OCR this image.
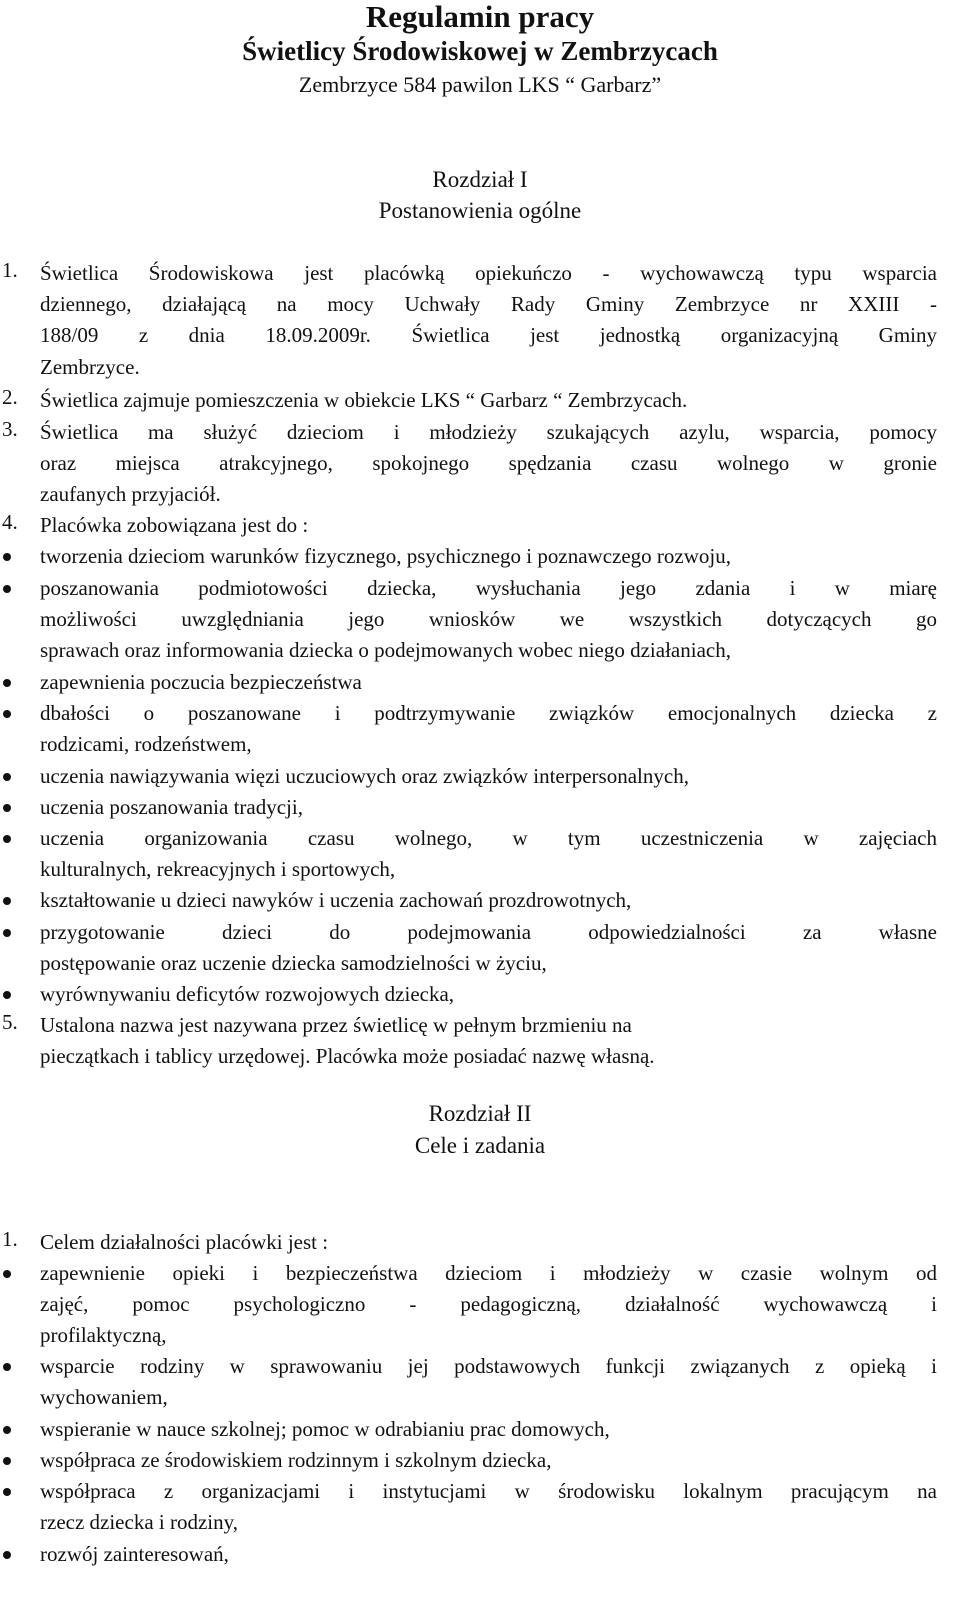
Regulamin pracy
Świetlicy Środowiskowej w Zembrzycach
Zembrzyce 584 pawilon LKS “ Garbarz”
Rozdział I
Postanowienia ogólne
1. Świetlica Środowiskowa jest placówką opiekuńczo - wychowawczą typu wsparcia
dziennego, działającą na mocy Uchwały Rady Gminy Zembrzyce nr XXIII -
188/09 z dnia 18.09.2009r. Świetlica jest jednostką organizacyjną Gminy
Zembrzyce.
2. Świetlica zajmuje pomieszczenia w obiekcie LKS “ Garbarz “ Zembrzycach.
3. Świetlica ma służyć dzieciom i młodzieży szukających azylu, wsparcia, pomocy
oraz miejsca atrakcyjnego, spokojnego spędzania czasu wolnego w gronie
zaufanych przyjaciół.
4. Placówka zobowiązana jest do :
tworzenia dzieciom warunków fizycznego, psychicznego i poznawczego rozwoju,
poszanowania podmiotowości dziecka, wysłuchania jego zdania i w miarę
możliwości uwzględniania jego wniosków we wszystkich dotyczących go
sprawach oraz informowania dziecka o podejmowanych wobec niego działaniach,
zapewnienia poczucia bezpieczeństwa
dbałości o poszanowane i podtrzymywanie związków emocjonalnych dziecka z
rodzicami, rodzeństwem,
uczenia nawiązywania więzi uczuciowych oraz związków interpersonalnych,
uczenia poszanowania tradycji,
uczenia organizowania czasu wolnego, w tym uczestniczenia w zajęciach
kulturalnych, rekreacyjnych i sportowych,
kształtowanie u dzieci nawyków i uczenia zachowań prozdrowotnych,
przygotowanie dzieci do podejmowania odpowiedzialności za własne
postępowanie oraz uczenie dziecka samodzielności w życiu,
wyrównywaniu deficytów rozwojowych dziecka,
5. Ustalona nazwa jest nazywana przez świetlicę w pełnym brzmieniu na
pieczątkach i tablicy urzędowej. Placówka może posiadać nazwę własną.
Rozdział II
Cele i zadania
1. Celem działalności placówki jest :
zapewnienie opieki i bezpieczeństwa dzieciom i młodzieży w czasie wolnym od
zajęć, pomoc psychologiczno - pedagogiczną, działalność wychowawczą i
profilaktyczną,
wsparcie rodziny w sprawowaniu jej podstawowych funkcji związanych z opieką i
wychowaniem,
wspieranie w nauce szkolnej; pomoc w odrabianiu prac domowych,
współpraca ze środowiskiem rodzinnym i szkolnym dziecka,
współpraca z organizacjami i instytucjami w środowisku lokalnym pracującym na
rzecz dziecka i rodziny,
rozwój zainteresowań,
